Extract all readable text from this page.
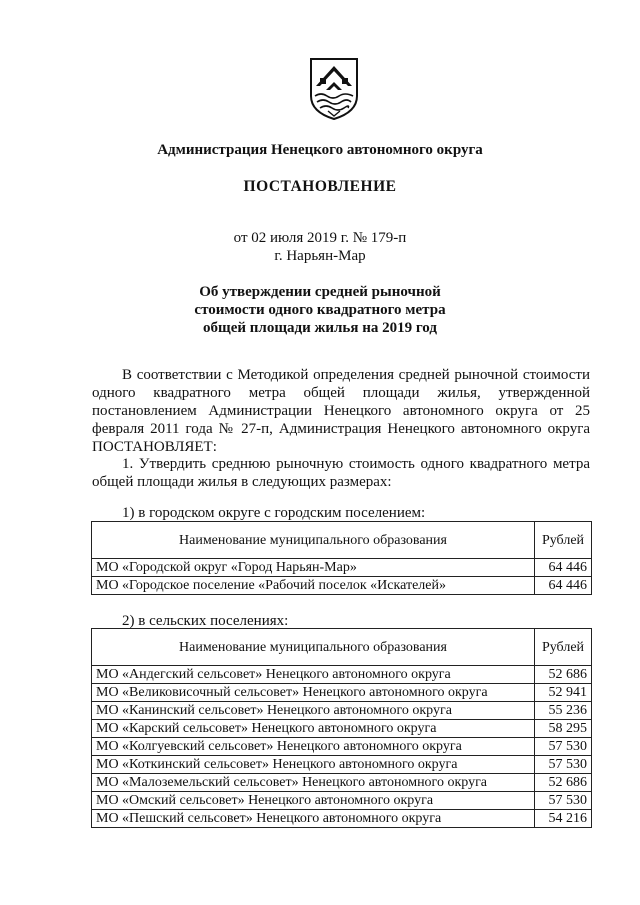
Администрация Ненецкого автономного округа
ПОСТАНОВЛЕНИЕ
от 02 июля 2019 г. № 179-п
г. Нарьян-Мар
Об утверждении средней рыночной
стоимости одного квадратного метра
общей площади жилья на 2019 год
В соответствии с Методикой определения средней рыночной стоимости одного квадратного метра общей площади жилья, утвержденной постановлением Администрации Ненецкого автономного округа от 25 февраля 2011 года № 27-п, Администрация Ненецкого автономного округа ПОСТАНОВЛЯЕТ:
1. Утвердить среднюю рыночную стоимость одного квадратного метра общей площади жилья в следующих размерах:
1) в городском округе с городским поселением:
Наименование муниципального образования	Рублей
МО «Городской округ «Город Нарьян-Мар»	64 446
МО «Городское поселение «Рабочий поселок «Искателей»	64 446
2) в сельских поселениях:
Наименование муниципального образования	Рублей
МО «Андегский сельсовет» Ненецкого автономного округа	52 686
МО «Великовисочный сельсовет» Ненецкого автономного округа	52 941
МО «Канинский сельсовет» Ненецкого автономного округа	55 236
МО «Карский сельсовет» Ненецкого автономного округа	58 295
МО «Колгуевский сельсовет» Ненецкого автономного округа	57 530
МО «Коткинский сельсовет» Ненецкого автономного округа	57 530
МО «Малоземельский сельсовет» Ненецкого автономного округа	52 686
МО «Омский сельсовет» Ненецкого автономного округа	57 530
МО «Пешский сельсовет» Ненецкого автономного округа	54 216
